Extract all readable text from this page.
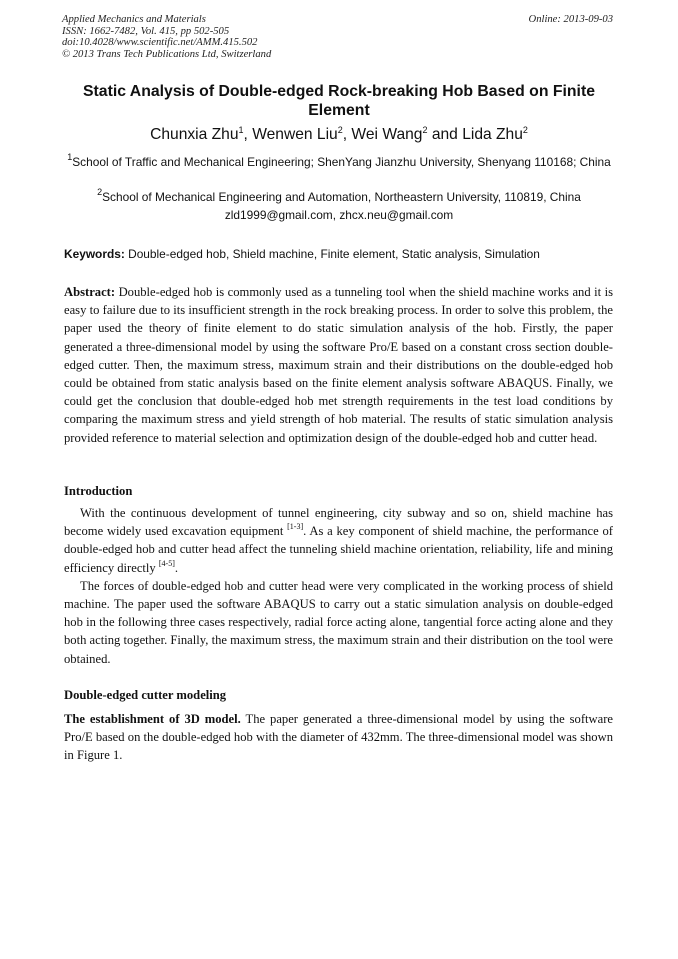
Applied Mechanics and Materials
ISSN: 1662-7482, Vol. 415, pp 502-505
doi:10.4028/www.scientific.net/AMM.415.502
© 2013 Trans Tech Publications Ltd, Switzerland
Online: 2013-09-03
Static Analysis of Double-edged Rock-breaking Hob Based on Finite Element
Chunxia Zhu$^1$, Wenwen Liu$^2$, Wei Wang$^2$ and Lida Zhu$^2$
$^1$School of Traffic and Mechanical Engineering; ShenYang Jianzhu University, Shenyang 110168; China
$^2$School of Mechanical Engineering and Automation, Northeastern University, 110819, China
zld1999@gmail.com, zhcx.neu@gmail.com
Keywords: Double-edged hob, Shield machine, Finite element, Static analysis, Simulation
Abstract: Double-edged hob is commonly used as a tunneling tool when the shield machine works and it is easy to failure due to its insufficient strength in the rock breaking process. In order to solve this problem, the paper used the theory of finite element to do static simulation analysis of the hob. Firstly, the paper generated a three-dimensional model by using the software Pro/E based on a constant cross section double-edged cutter. Then, the maximum stress, maximum strain and their distributions on the double-edged hob could be obtained from static analysis based on the finite element analysis software ABAQUS. Finally, we could get the conclusion that double-edged hob met strength requirements in the test load conditions by comparing the maximum stress and yield strength of hob material. The results of static simulation analysis provided reference to material selection and optimization design of the double-edged hob and cutter head.
Introduction

With the continuous development of tunnel engineering, city subway and so on, shield machine has become widely used excavation equipment [1-3]. As a key component of shield machine, the performance of double-edged hob and cutter head affect the tunneling shield machine orientation, reliability, life and mining efficiency directly [4-5].

The forces of double-edged hob and cutter head were very complicated in the working process of shield machine. The paper used the software ABAQUS to carry out a static simulation analysis on double-edged hob in the following three cases respectively, radial force acting alone, tangential force acting alone and they both acting together. Finally, the maximum stress, the maximum strain and their distribution on the tool were obtained.

Double-edged cutter modeling
The establishment of 3D model. The paper generated a three-dimensional model by using the software Pro/E based on the double-edged hob with the diameter of 432mm. The three-dimensional model was shown in Figure 1.
